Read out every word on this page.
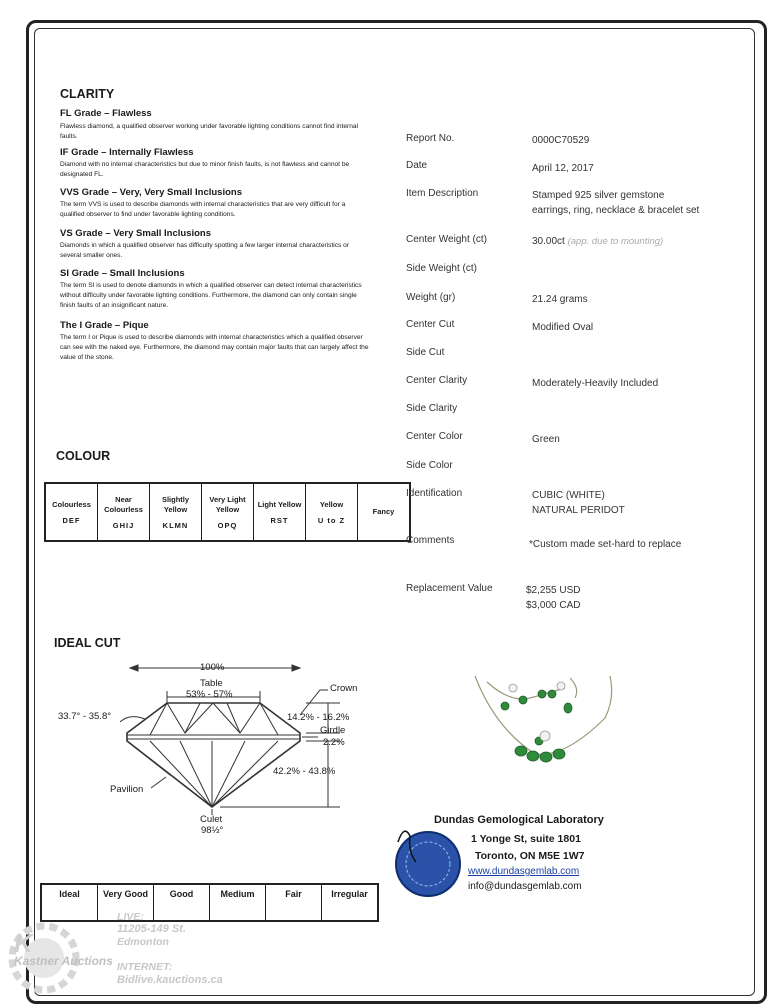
CLARITY
FL Grade – Flawless
Flawless diamond, a qualified observer working under favorable lighting conditions cannot find internal faults.
IF Grade – Internally Flawless
Diamond with no internal characteristics but due to minor finish faults, is not flawless and cannot be designated FL.
VVS Grade – Very, Very Small Inclusions
The term VVS is used to describe diamonds with internal characteristics that are very difficult for a qualified observer to find under favorable lighting conditions.
VS Grade – Very Small Inclusions
Diamonds in which a qualified observer has difficulty spotting a few larger internal characteristics or several smaller ones.
SI Grade – Small Inclusions
The term SI is used to denote diamonds in which a qualified observer can detect internal characteristics without difficulty under favorable lighting conditions. Furthermore, the diamond can only contain single finish faults of an insignificant nature.
The I Grade – Pique
The term I or Pique is used to describe diamonds with internal characteristics which a qualified observer can see with the naked eye. Furthermore, the diamond may contain major faults that can largely affect the value of the stone.
COLOUR
Colourless
DEF

Near Colourless
GHIJ

Slightly Yellow
KLMN

Very Light Yellow
OPQ

Light Yellow
RST

Yellow
U to Z

Fancy
IDEAL CUT
100%
Table
53% - 57%
Crown
33.7° - 35.8°	14.2% - 16.2%
Girdle
2.2%
42.2% - 43.8%
Pavilion
Culet
98½°
Ideal	Very Good	Good	Medium	Fair	Irregular
Report No.	0000C70529
Date	April 12, 2017
Item Description	Stamped 925 silver gemstone
earrings, ring, necklace & bracelet set
Center Weight (ct)	30.00ct (app. due to mounting)
Side Weight (ct)
Weight (gr)	21.24 grams
Center Cut	Modified Oval
Side Cut
Center Clarity	Moderately-Heavily Included
Side Clarity
Center Color	Green
Side Color
Identification	CUBIC (WHITE)
NATURAL PERIDOT
Comments	*Custom made set-hard to replace
Replacement Value	$2,255 USD
$3,000 CAD
Dundas Gemological Laboratory
1 Yonge St, suite 1801
Toronto, ON M5E 1W7
www.dundasgemlab.com
info@dundasgemlab.com
K
Kastner Auctions
LIVE:
11205-149 St.
Edmonton
INTERNET:
Bidlive.kauctions.ca
